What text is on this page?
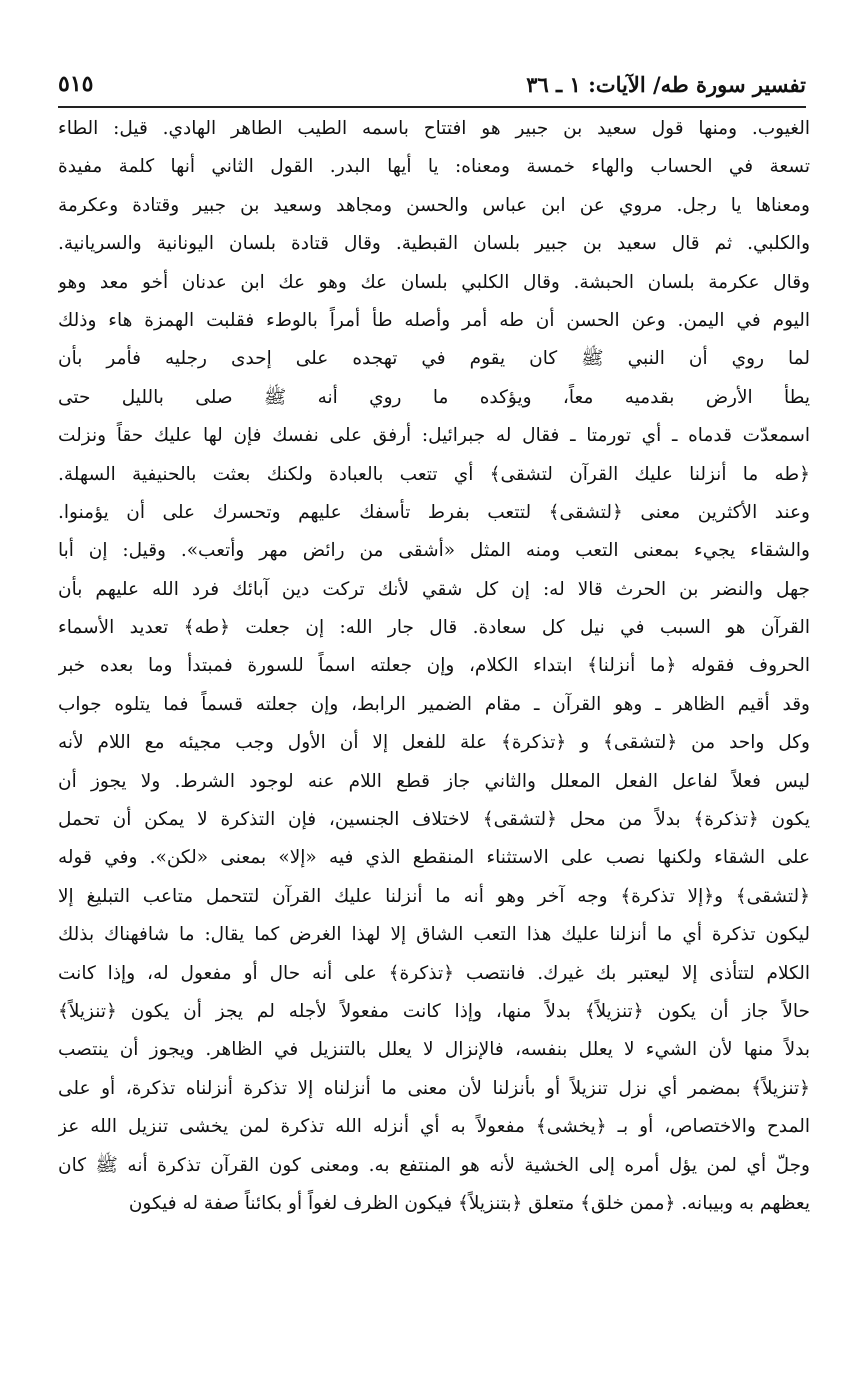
تفسير سورة طه/ الآيات: ١ ـ ٣٦
٥١٥
الغيوب. ومنها قول سعيد بن جبير هو افتتاح باسمه الطيب الطاهر الهادي. قيل: الطاء
تسعة في الحساب والهاء خمسة ومعناه: يا أيها البدر. القول الثاني أنها كلمة مفيدة
ومعناها يا رجل. مروي عن ابن عباس والحسن ومجاهد وسعيد بن جبير وقتادة وعكرمة
والكلبي. ثم قال سعيد بن جبير بلسان القبطية. وقال قتادة بلسان اليونانية والسريانية.
وقال عكرمة بلسان الحبشة. وقال الكلبي بلسان عك وهو عك ابن عدنان أخو معد وهو
اليوم في اليمن. وعن الحسن أن طه أمر وأصله طأ أمراً بالوطء فقلبت الهمزة هاء وذلك
لما روي أن النبي ﷺ كان يقوم في تهجده على إحدى رجليه فأمر بأن
يطأ الأرض بقدميه معاً، ويؤكده ما روي أنه ﷺ صلى بالليل حتى
اسمعدّت قدماه ـ أي تورمتا ـ فقال له جبرائيل: أرفق على نفسك فإن لها عليك حقاً ونزلت
﴿طه ما أنزلنا عليك القرآن لتشقى﴾ أي تتعب بالعبادة ولكنك بعثت بالحنيفية السهلة.
وعند الأكثرين معنى ﴿لتشقى﴾ لتتعب بفرط تأسفك عليهم وتحسرك على أن يؤمنوا.
والشقاء يجيء بمعنى التعب ومنه المثل «أشقى من رائض مهر وأتعب». وقيل: إن أبا
جهل والنضر بن الحرث قالا له: إن كل شقي لأنك تركت دين آبائك فرد الله عليهم بأن
القرآن هو السبب في نيل كل سعادة. قال جار الله: إن جعلت ﴿طه﴾ تعديد الأسماء
الحروف فقوله ﴿ما أنزلنا﴾ ابتداء الكلام، وإن جعلته اسماً للسورة فمبتدأ وما بعده خبر
وقد أقيم الظاهر ـ وهو القرآن ـ مقام الضمير الرابط، وإن جعلته قسماً فما يتلوه جواب
وكل واحد من ﴿لتشقى﴾ و ﴿تذكرة﴾ علة للفعل إلا أن الأول وجب مجيئه مع اللام لأنه
ليس فعلاً لفاعل الفعل المعلل والثاني جاز قطع اللام عنه لوجود الشرط. ولا يجوز أن
يكون ﴿تذكرة﴾ بدلاً من محل ﴿لتشقى﴾ لاختلاف الجنسين، فإن التذكرة لا يمكن أن تحمل
على الشقاء ولكنها نصب على الاستثناء المنقطع الذي فيه «إلا» بمعنى «لكن». وفي قوله
﴿لتشقى﴾ و﴿إلا تذكرة﴾ وجه آخر وهو أنه ما أنزلنا عليك القرآن لتتحمل متاعب التبليغ إلا
ليكون تذكرة أي ما أنزلنا عليك هذا التعب الشاق إلا لهذا الغرض كما يقال: ما شافهناك بذلك
الكلام لتتأذى إلا ليعتبر بك غيرك. فانتصب ﴿تذكرة﴾ على أنه حال أو مفعول له، وإذا كانت
حالاً جاز أن يكون ﴿تنزيلاً﴾ بدلاً منها، وإذا كانت مفعولاً لأجله لم يجز أن يكون ﴿تنزيلاً﴾
بدلاً منها لأن الشيء لا يعلل بنفسه، فالإنزال لا يعلل بالتنزيل في الظاهر. ويجوز أن ينتصب
﴿تنزيلاً﴾ بمضمر أي نزل تنزيلاً أو بأنزلنا لأن معنى ما أنزلناه إلا تذكرة أنزلناه تذكرة، أو على
المدح والاختصاص، أو بـ ﴿يخشى﴾ مفعولاً به أي أنزله الله تذكرة لمن يخشى تنزيل الله عز
وجلّ أي لمن يؤل أمره إلى الخشية لأنه هو المنتفع به. ومعنى كون القرآن تذكرة أنه ﷺ كان
يعظهم به وبيبانه. ﴿ممن خلق﴾ متعلق ﴿بتنزيلاً﴾ فيكون الظرف لغواً أو بكائناً صفة له فيكون
